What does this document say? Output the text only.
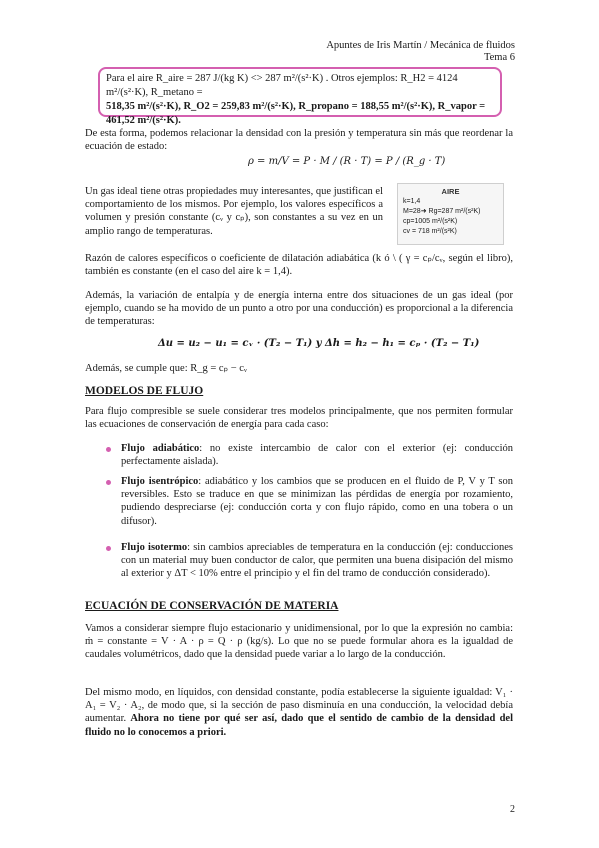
Apuntes de Iris Martín / Mecánica de fluidos
Tema 6
Para el aire R_aire = 287 J/(kg K) <> 287 m²/(s²·K) . Otros ejemplos: R_H2 = 4124 m²/(s²·K), R_metano =
518,35 m²/(s²·K), R_O2 = 259,83 m²/(s²·K), R_propano = 188,55 m²/(s²·K), R_vapor = 461,52 m²/(s²·K).
De esta forma, podemos relacionar la densidad con la presión y temperatura sin más que reordenar la ecuación de estado:
ρ = m/V = P · M / (R · T) = P / (R_g · T)
Un gas ideal tiene otras propiedades muy interesantes, que justifican el comportamiento de los mismos. Por ejemplo, los valores específicos a volumen y presión constante (cᵥ y cₚ), son constantes a su vez en un amplio rango de temperaturas.
AIRE
k=1,4
M=28➜ Rg=287 m²/(s²K)
cp=1005 m²/(s²K)
cv = 718 m²/(s²K)
Razón de calores específicos o coeficiente de dilatación adiabática (k ó \ ( γ = cₚ/cᵥ, según el libro), también es constante (en el caso del aire k = 1,4).
Además, la variación de entalpía y de energía interna entre dos situaciones de un gas ideal (por ejemplo, cuando se ha movido de un punto a otro por una conducción) es proporcional a la diferencia de temperaturas:
Δu = u₂ − u₁ = cᵥ · (T₂ − T₁) y Δh = h₂ − h₁ = cₚ · (T₂ − T₁)
Además, se cumple que: R_g = cₚ − cᵥ
MODELOS DE FLUJO
Para flujo compresible se suele considerar tres modelos principalmente, que nos permiten formular las ecuaciones de conservación de energía para cada caso:
Flujo adiabático: no existe intercambio de calor con el exterior (ej: conducción perfectamente aislada).
Flujo isentrópico: adiabático y los cambios que se producen en el fluido de P, V y T son reversibles. Esto se traduce en que se minimizan las pérdidas de energía por rozamiento, pudiendo despreciarse (ej: conducción corta y con flujo rápido, como en una tobera o un difusor).
Flujo isotermo: sin cambios apreciables de temperatura en la conducción (ej: conducciones con un material muy buen conductor de calor, que permiten una buena disipación del mismo al exterior y ΔT < 10% entre el principio y el fin del tramo de conducción considerado).
ECUACIÓN DE CONSERVACIÓN DE MATERIA
Vamos a considerar siempre flujo estacionario y unidimensional, por lo que la expresión no cambia: ṁ = constante = V · A · ρ = Q · ρ (kg/s). Lo que no se puede formular ahora es la igualdad de caudales volumétricos, dado que la densidad puede variar a lo largo de la conducción.
Del mismo modo, en líquidos, con densidad constante, podía establecerse la siguiente igualdad: V₁ · A₁ = V₂ · A₂, de modo que, si la sección de paso disminuía en una conducción, la velocidad debía aumentar. Ahora no tiene por qué ser así, dado que el sentido de cambio de la densidad del fluido no lo conocemos a priori.
2
